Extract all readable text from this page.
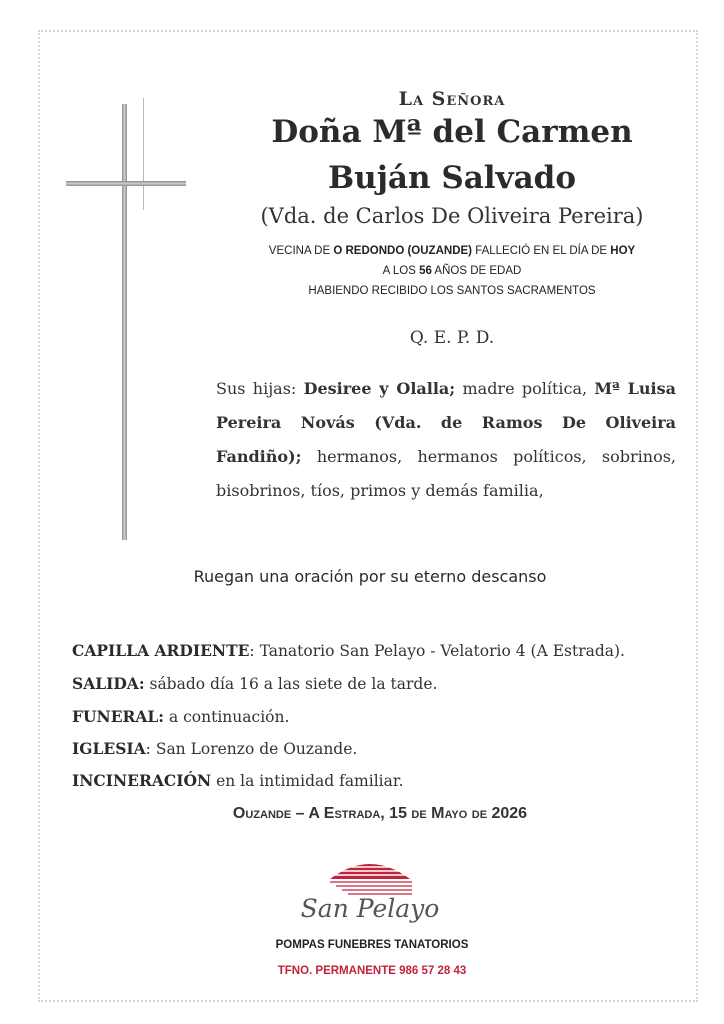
La Señora
Doña Mª del Carmen
Buján Salvado
(Vda. de Carlos De Oliveira Pereira)
VECINA DE O REDONDO (OUZANDE) FALLECIÓ EN EL DÍA DE HOY
A LOS 56 AÑOS DE EDAD
HABIENDO RECIBIDO LOS SANTOS SACRAMENTOS
Q. E. P. D.
Sus hijas: Desiree y Olalla; madre política, Mª Luisa Pereira Novás (Vda. de Ramos De Oliveira Fandiño); hermanos, hermanos políticos, sobrinos, bisobrinos, tíos, primos y demás familia,
Ruegan una oración por su eterno descanso
CAPILLA ARDIENTE: Tanatorio San Pelayo - Velatorio 4 (A Estrada).
SALIDA: sábado día 16 a las siete de la tarde.
FUNERAL: a continuación.
IGLESIA: San Lorenzo de Ouzande.
INCINERACIÓN en la intimidad familiar.
Ouzande – A Estrada, 15 de Mayo de 2026
San Pelayo
POMPAS FUNEBRES TANATORIOS
TFNO. PERMANENTE 986 57 28 43
